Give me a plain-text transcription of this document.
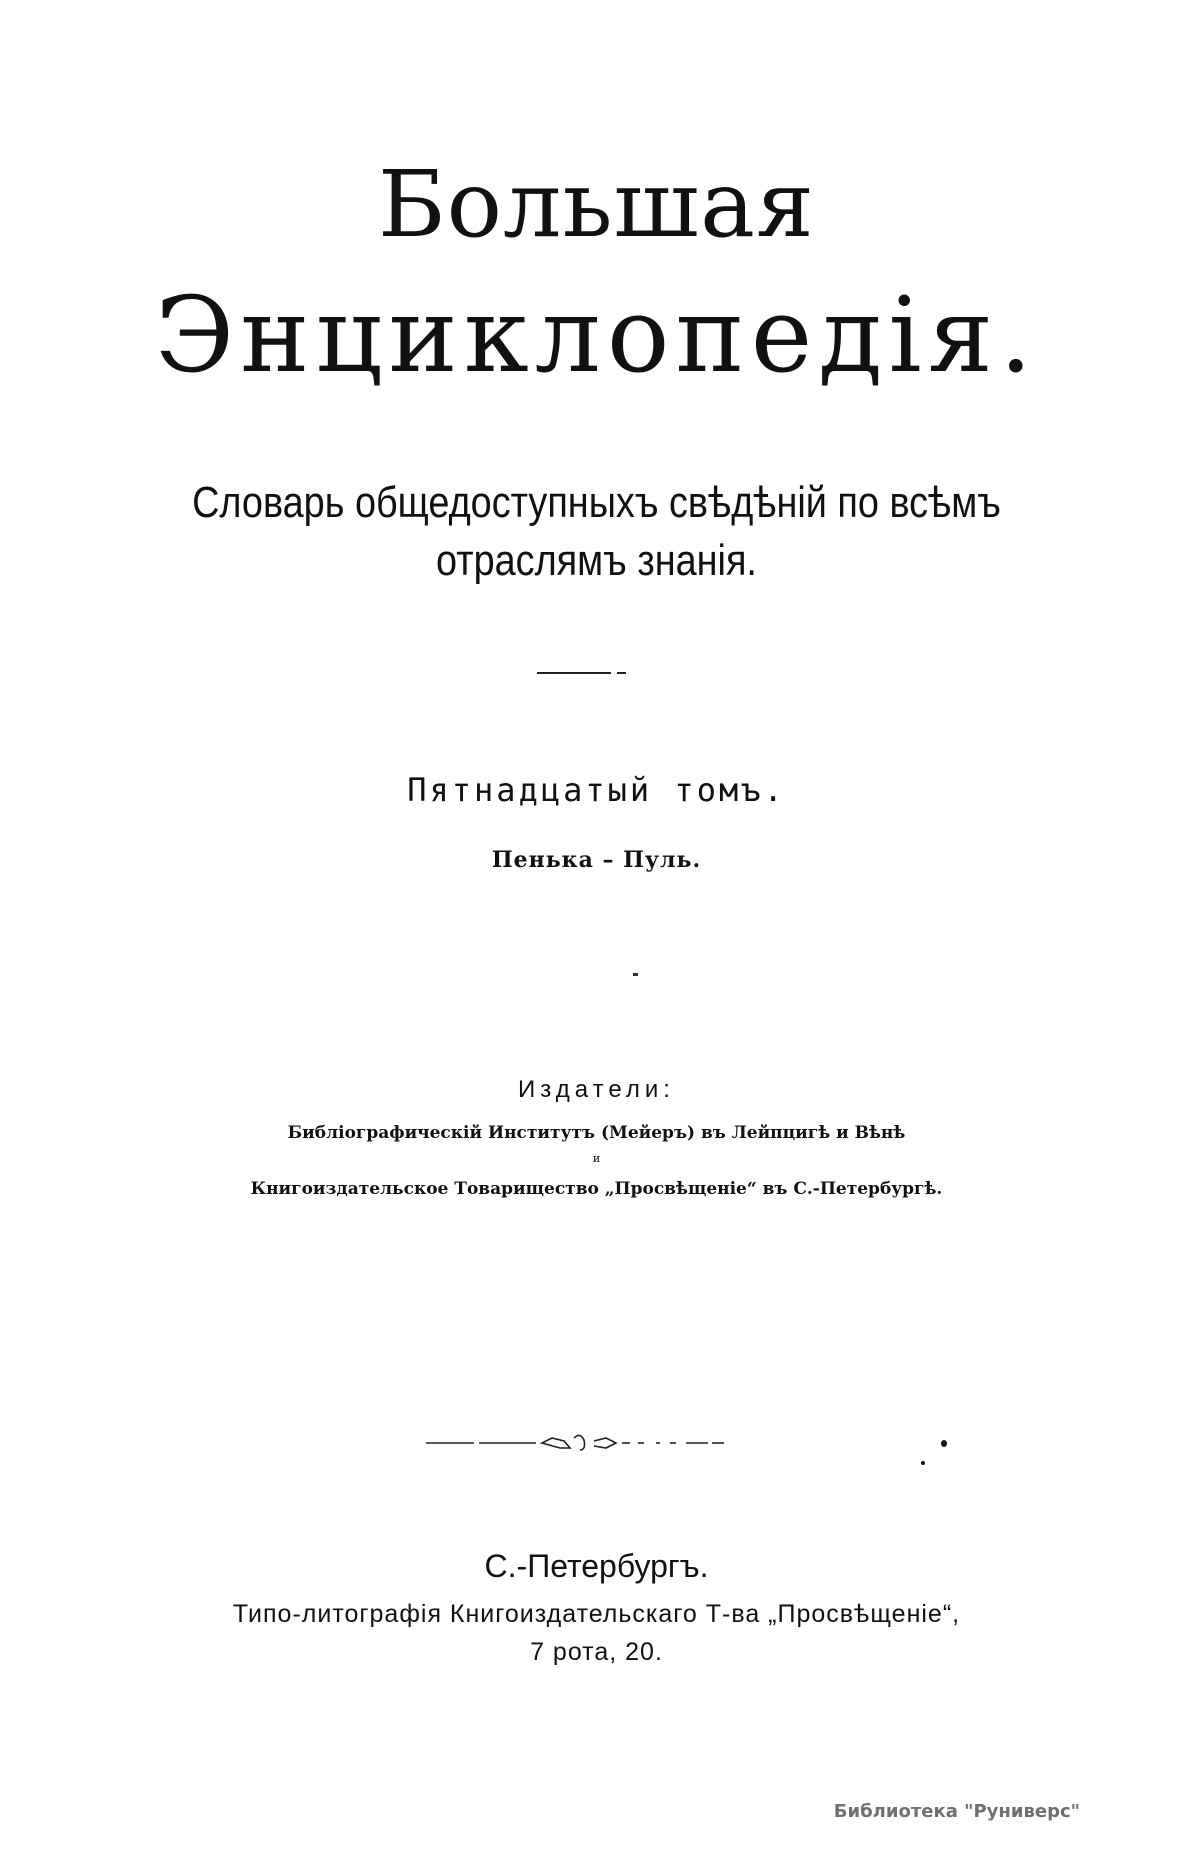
Большая
Энциклопедія.
Словарь общедоступныхъ свѣдѣній по всѣмъ
отраслямъ знанія.
Пятнадцатый томъ.
Пенька – Пуль.
Издатели:
Библіографическій Институтъ (Мейеръ) въ Лейпцигѣ и Вѣнѣ
и
Книгоиздательское Товарищество „Просвѣщеніе“ въ С.-Петербургѣ.
С.-Петербургъ.
Типо-литографія Книгоиздательскаго Т-ва „Просвѣщеніе“,
7 рота, 20.
Библиотека "Руниверс"
